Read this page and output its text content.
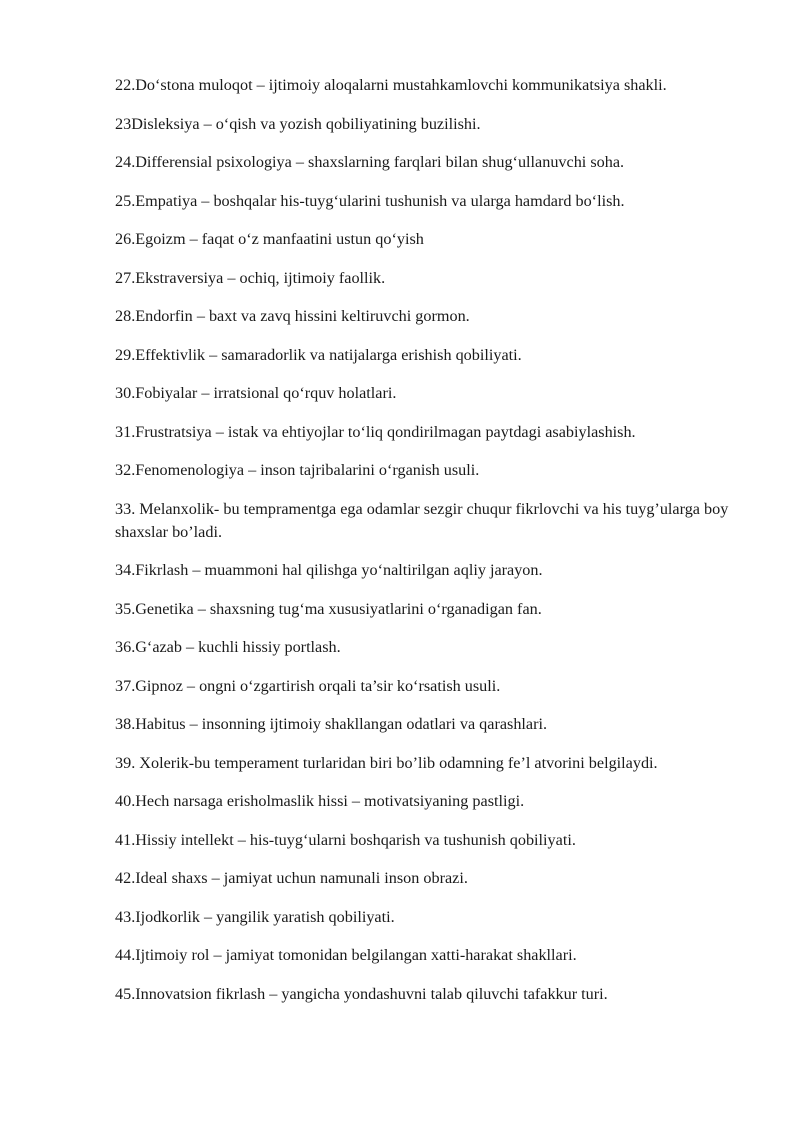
22.Do‘stona muloqot – ijtimoiy aloqalarni mustahkamlovchi kommunikatsiya shakli.

23Disleksiya – o‘qish va yozish qobiliyatining buzilishi.

24.Differensial psixologiya – shaxslarning farqlari bilan shug‘ullanuvchi soha.

25.Empatiya – boshqalar his-tuyg‘ularini tushunish va ularga hamdard bo‘lish.

26.Egoizm – faqat o‘z manfaatini ustun qo‘yish

27.Ekstraversiya – ochiq, ijtimoiy faollik.

28.Endorfin – baxt va zavq hissini keltiruvchi gormon.

29.Effektivlik – samaradorlik va natijalarga erishish qobiliyati.

30.Fobiyalar – irratsional qo‘rquv holatlari.

31.Frustratsiya – istak va ehtiyojlar to‘liq qondirilmagan paytdagi asabiylashish.

32.Fenomenologiya – inson tajribalarini o‘rganish usuli.

33. Melanxolik- bu tempramentga ega odamlar sezgir chuqur fikrlovchi va his tuyg’ularga boy shaxslar bo’ladi.

34.Fikrlash – muammoni hal qilishga yo‘naltirilgan aqliy jarayon.

35.Genetika – shaxsning tug‘ma xususiyatlarini o‘rganadigan fan.

36.G‘azab – kuchli hissiy portlash.

37.Gipnoz – ongni o‘zgartirish orqali ta’sir ko‘rsatish usuli.

38.Habitus – insonning ijtimoiy shakllangan odatlari va qarashlari.

39. Xolerik-bu temperament turlaridan biri bo’lib odamning fe’l atvorini belgilaydi.

40.Hech narsaga erisholmaslik hissi – motivatsiyaning pastligi.

41.Hissiy intellekt – his-tuyg‘ularni boshqarish va tushunish qobiliyati.

42.Ideal shaxs – jamiyat uchun namunali inson obrazi.

43.Ijodkorlik – yangilik yaratish qobiliyati.

44.Ijtimoiy rol – jamiyat tomonidan belgilangan xatti-harakat shakllari.

45.Innovatsion fikrlash – yangicha yondashuvni talab qiluvchi tafakkur turi.
